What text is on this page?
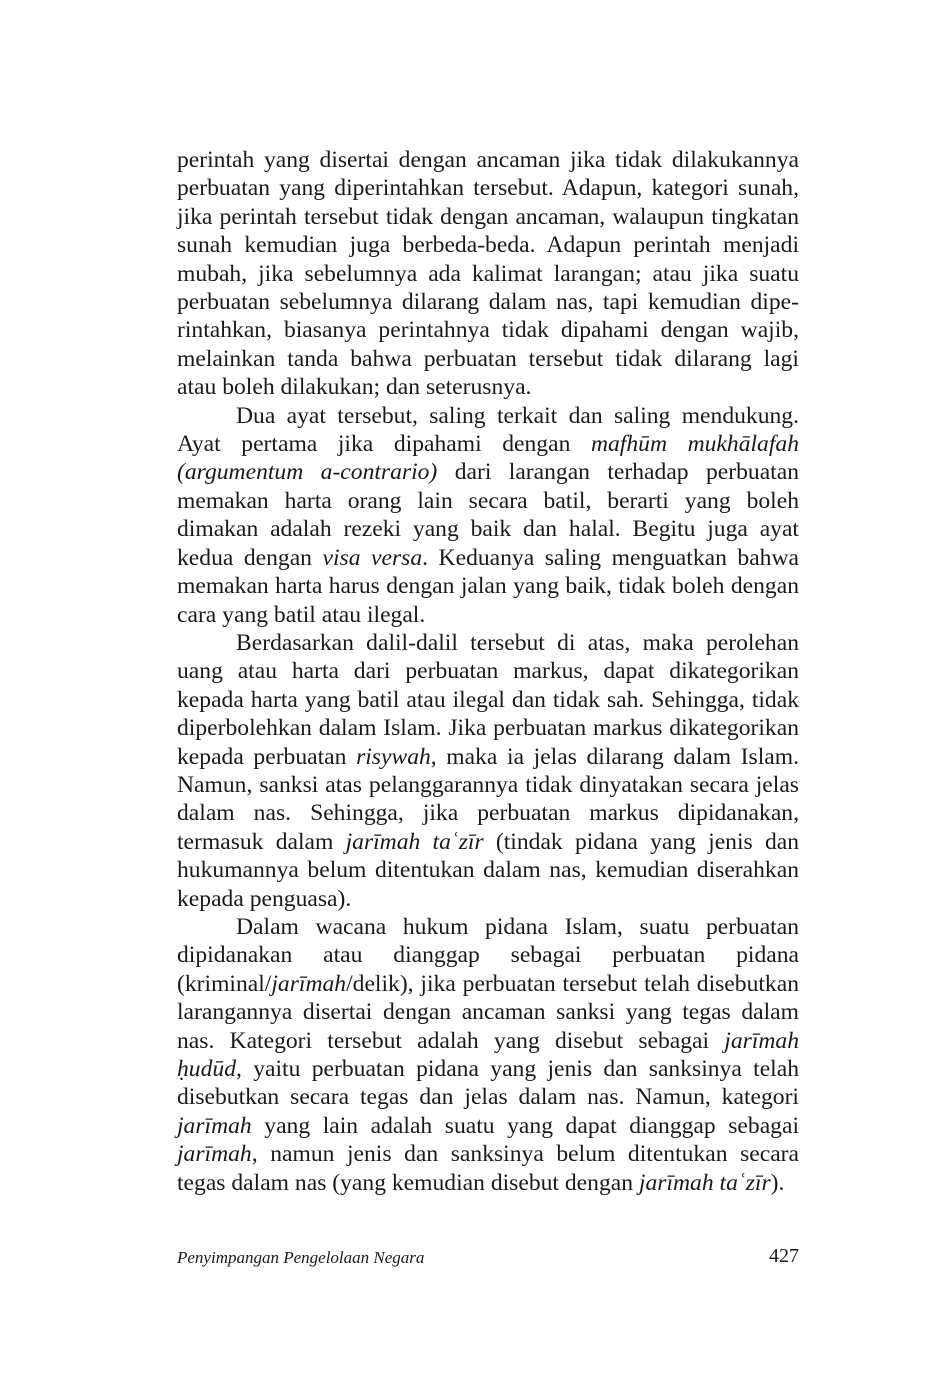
perintah yang disertai dengan ancaman jika tidak dilakukannya perbuatan yang diperintahkan tersebut. Adapun, kategori sunah, jika perintah tersebut tidak dengan ancaman, walaupun tingkatan sunah kemudian juga berbeda-beda. Adapun perintah menjadi mubah, jika sebelumnya ada kalimat larangan; atau jika suatu perbuatan sebelumnya dilarang dalam nas, tapi kemudian diperintahkan, biasanya perintahnya tidak dipahami dengan wajib, melainkan tanda bahwa perbuatan tersebut tidak dilarang lagi atau boleh dilakukan; dan seterusnya.

Dua ayat tersebut, saling terkait dan saling mendukung. Ayat pertama jika dipahami dengan mafhūm mukhālafah (argumentum a-contrario) dari larangan terhadap perbuatan memakan harta orang lain secara batil, berarti yang boleh dimakan adalah rezeki yang baik dan halal. Begitu juga ayat kedua dengan visa versa. Keduanya saling menguatkan bahwa memakan harta harus dengan jalan yang baik, tidak boleh dengan cara yang batil atau ilegal.

Berdasarkan dalil-dalil tersebut di atas, maka perolehan uang atau harta dari perbuatan markus, dapat dikategorikan kepada harta yang batil atau ilegal dan tidak sah. Sehingga, tidak diperbolehkan dalam Islam. Jika perbuatan markus dikategorikan kepada perbuatan risywah, maka ia jelas dilarang dalam Islam. Namun, sanksi atas pelanggarannya tidak dinyatakan secara jelas dalam nas. Sehingga, jika perbuatan markus dipidanakan, termasuk dalam jarīmah taʿzīr (tindak pidana yang jenis dan hukumannya belum ditentukan dalam nas, kemudian diserahkan kepada penguasa).

Dalam wacana hukum pidana Islam, suatu perbuatan dipidanakan atau dianggap sebagai perbuatan pidana (kriminal/jarīmah/delik), jika perbuatan tersebut telah disebutkan larangannya disertai dengan ancaman sanksi yang tegas dalam nas. Kategori tersebut adalah yang disebut sebagai jarīmah ḥudūd, yaitu perbuatan pidana yang jenis dan sanksinya telah disebutkan secara tegas dan jelas dalam nas. Namun, kategori jarīmah yang lain adalah suatu yang dapat dianggap sebagai jarīmah, namun jenis dan sanksinya belum ditentukan secara tegas dalam nas (yang kemudian disebut dengan jarīmah taʿzīr).

Penyimpangan Pengelolaan Negara	427
